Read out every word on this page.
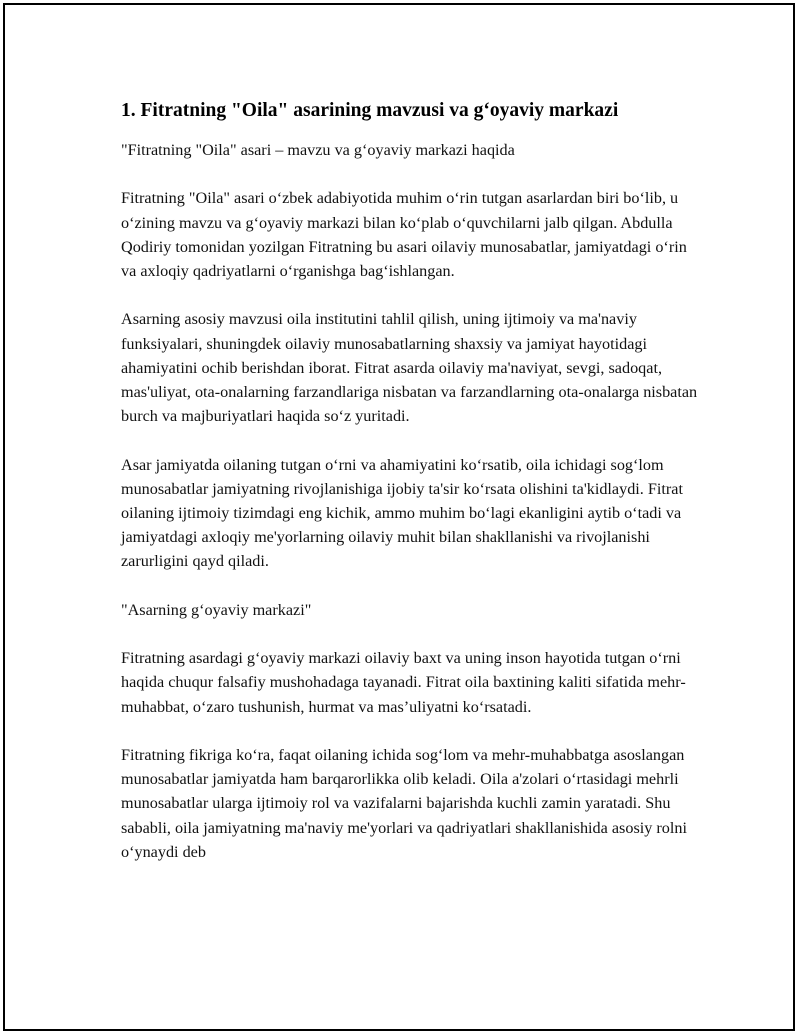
1. Fitratning "Oila" asarining mavzusi va g‘oyaviy markazi

"Fitratning "Oila" asari – mavzu va g‘oyaviy markazi haqida

Fitratning "Oila" asari o‘zbek adabiyotida muhim o‘rin tutgan asarlardan biri bo‘lib, u o‘zining mavzu va g‘oyaviy markazi bilan ko‘plab o‘quvchilarni jalb qilgan. Abdulla Qodiriy tomonidan yozilgan Fitratning bu asari oilaviy munosabatlar, jamiyatdagi o‘rin va axloqiy qadriyatlarni o‘rganishga bag‘ishlangan.

Asarning asosiy mavzusi oila institutini tahlil qilish, uning ijtimoiy va ma'naviy funksiyalari, shuningdek oilaviy munosabatlarning shaxsiy va jamiyat hayotidagi ahamiyatini ochib berishdan iborat. Fitrat asarda oilaviy ma'naviyat, sevgi, sadoqat, mas'uliyat, ota-onalarning farzandlariga nisbatan va farzandlarning ota-onalarga nisbatan burch va majburiyatlari haqida so‘z yuritadi.

Asar jamiyatda oilaning tutgan o‘rni va ahamiyatini ko‘rsatib, oila ichidagi sog‘lom munosabatlar jamiyatning rivojlanishiga ijobiy ta'sir ko‘rsata olishini ta'kidlaydi. Fitrat oilaning ijtimoiy tizimdagi eng kichik, ammo muhim bo‘lagi ekanligini aytib o‘tadi va jamiyatdagi axloqiy me'yorlarning oilaviy muhit bilan shakllanishi va rivojlanishi zarurligini qayd qiladi.

"Asarning g‘oyaviy markazi"

Fitratning asardagi g‘oyaviy markazi oilaviy baxt va uning inson hayotida tutgan o‘rni haqida chuqur falsafiy mushohadaga tayanadi. Fitrat oila baxtining kaliti sifatida mehr-muhabbat, o‘zaro tushunish, hurmat va mas’uliyatni ko‘rsatadi.

Fitratning fikriga ko‘ra, faqat oilaning ichida sog‘lom va mehr-muhabbatga asoslangan munosabatlar jamiyatda ham barqarorlikka olib keladi. Oila a'zolari o‘rtasidagi mehrli munosabatlar ularga ijtimoiy rol va vazifalarni bajarishda kuchli zamin yaratadi. Shu sababli, oila jamiyatning ma'naviy me'yorlari va qadriyatlari shakllanishida asosiy rolni o‘ynaydi deb
